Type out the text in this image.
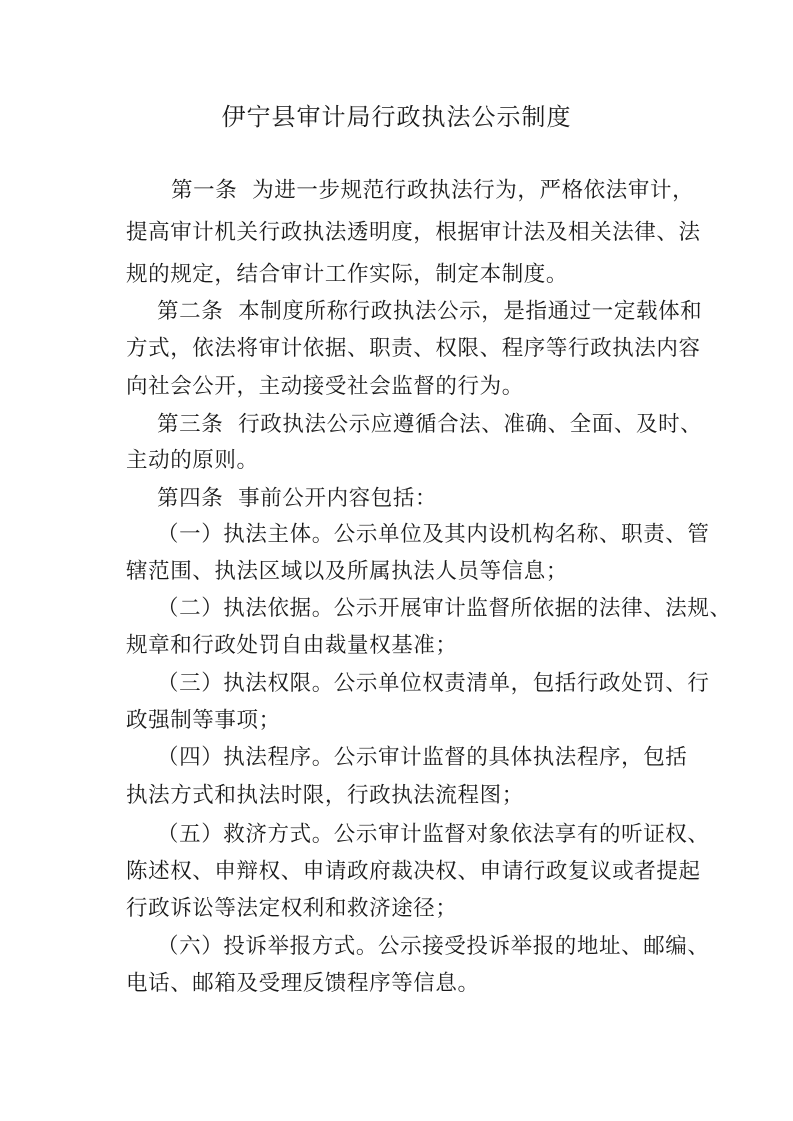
伊宁县审计局行政执法公示制度
第一条  为进一步规范行政执法行为，严格依法审计，
提高审计机关行政执法透明度，根据审计法及相关法律、法
规的规定，结合审计工作实际，制定本制度。
第二条  本制度所称行政执法公示，是指通过一定载体和
方式，依法将审计依据、职责、权限、程序等行政执法内容
向社会公开，主动接受社会监督的行为。
第三条  行政执法公示应遵循合法、准确、全面、及时、
主动的原则。
第四条  事前公开内容包括：
（一）执法主体。公示单位及其内设机构名称、职责、管
辖范围、执法区域以及所属执法人员等信息；
（二）执法依据。公示开展审计监督所依据的法律、法规、
规章和行政处罚自由裁量权基准；
（三）执法权限。公示单位权责清单，包括行政处罚、行
政强制等事项；
（四）执法程序。公示审计监督的具体执法程序，包括
执法方式和执法时限，行政执法流程图；
（五）救济方式。公示审计监督对象依法享有的听证权、
陈述权、申辩权、申请政府裁决权、申请行政复议或者提起
行政诉讼等法定权利和救济途径；
（六）投诉举报方式。公示接受投诉举报的地址、邮编、
电话、邮箱及受理反馈程序等信息。
